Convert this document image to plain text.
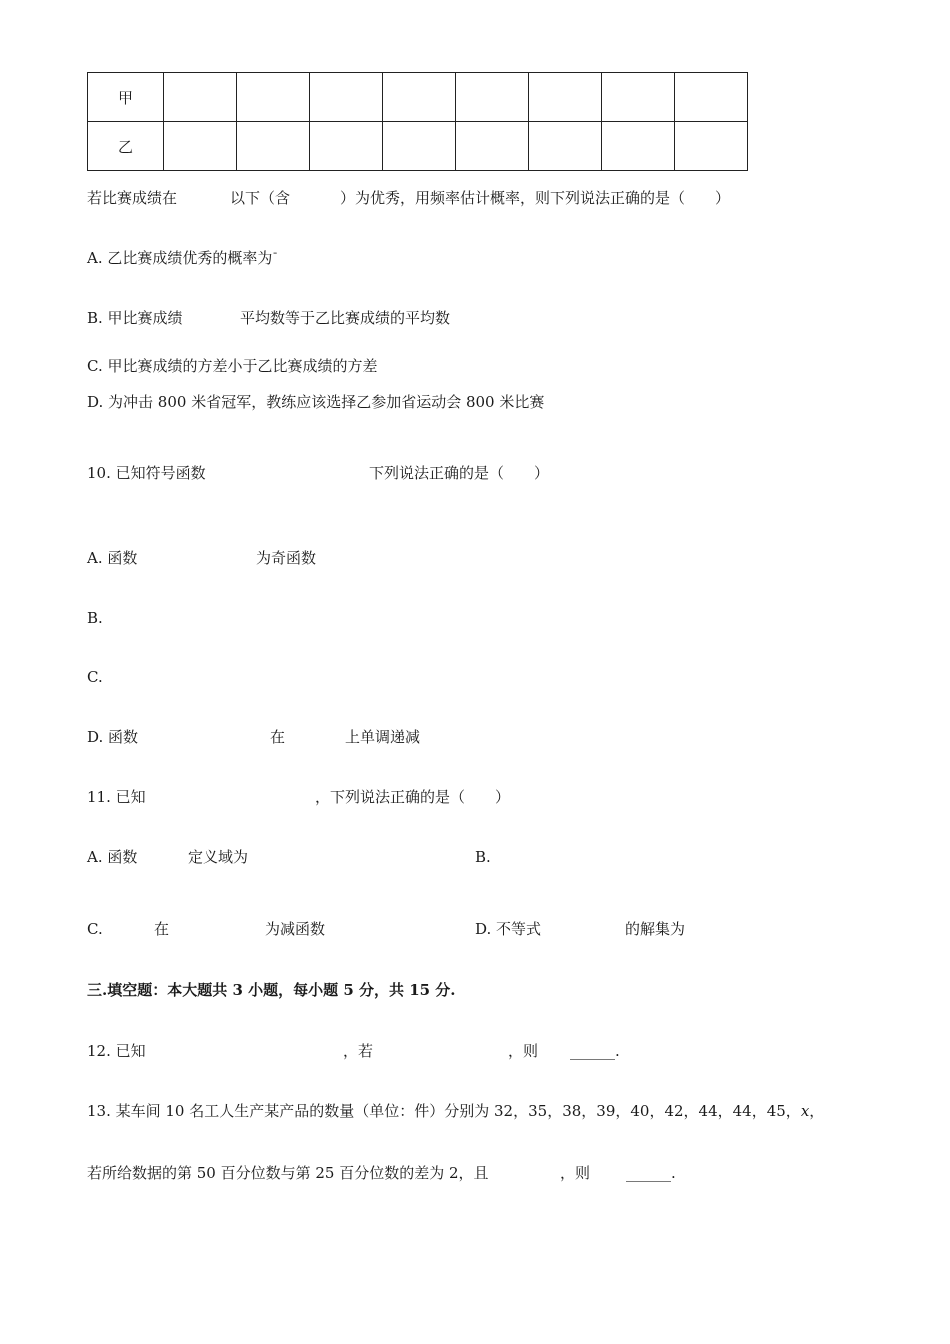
甲								
乙								
若比赛成绩在	以下（含	）为优秀，用频率估计概率，则下列说法正确的是（　　）
A. 乙比赛成绩优秀的概率为¯
B. 甲比赛成绩	平均数等于乙比赛成绩的平均数
C. 甲比赛成绩的方差小于乙比赛成绩的方差
D. 为冲击 800 米省冠军，教练应该选择乙参加省运动会 800 米比赛
10. 已知符号函数	下列说法正确的是（　　）
A. 函数	为奇函数
B.
C.
D. 函数	在	上单调递减
11. 已知	，下列说法正确的是（　　）
A. 函数	定义域为	B.
C.	在	为减函数	D. 不等式	的解集为
三.填空题：本大题共 3 小题，每小题 5 分，共 15 分.
12. 已知	，若	，则 ______.
13. 某车间 10 名工人生产某产品的数量（单位：件）分别为 32，35，38，39，40，42，44，44，45，x，
若所给数据的第 50 百分位数与第 25 百分位数的差为 2，且	，则 ______.
